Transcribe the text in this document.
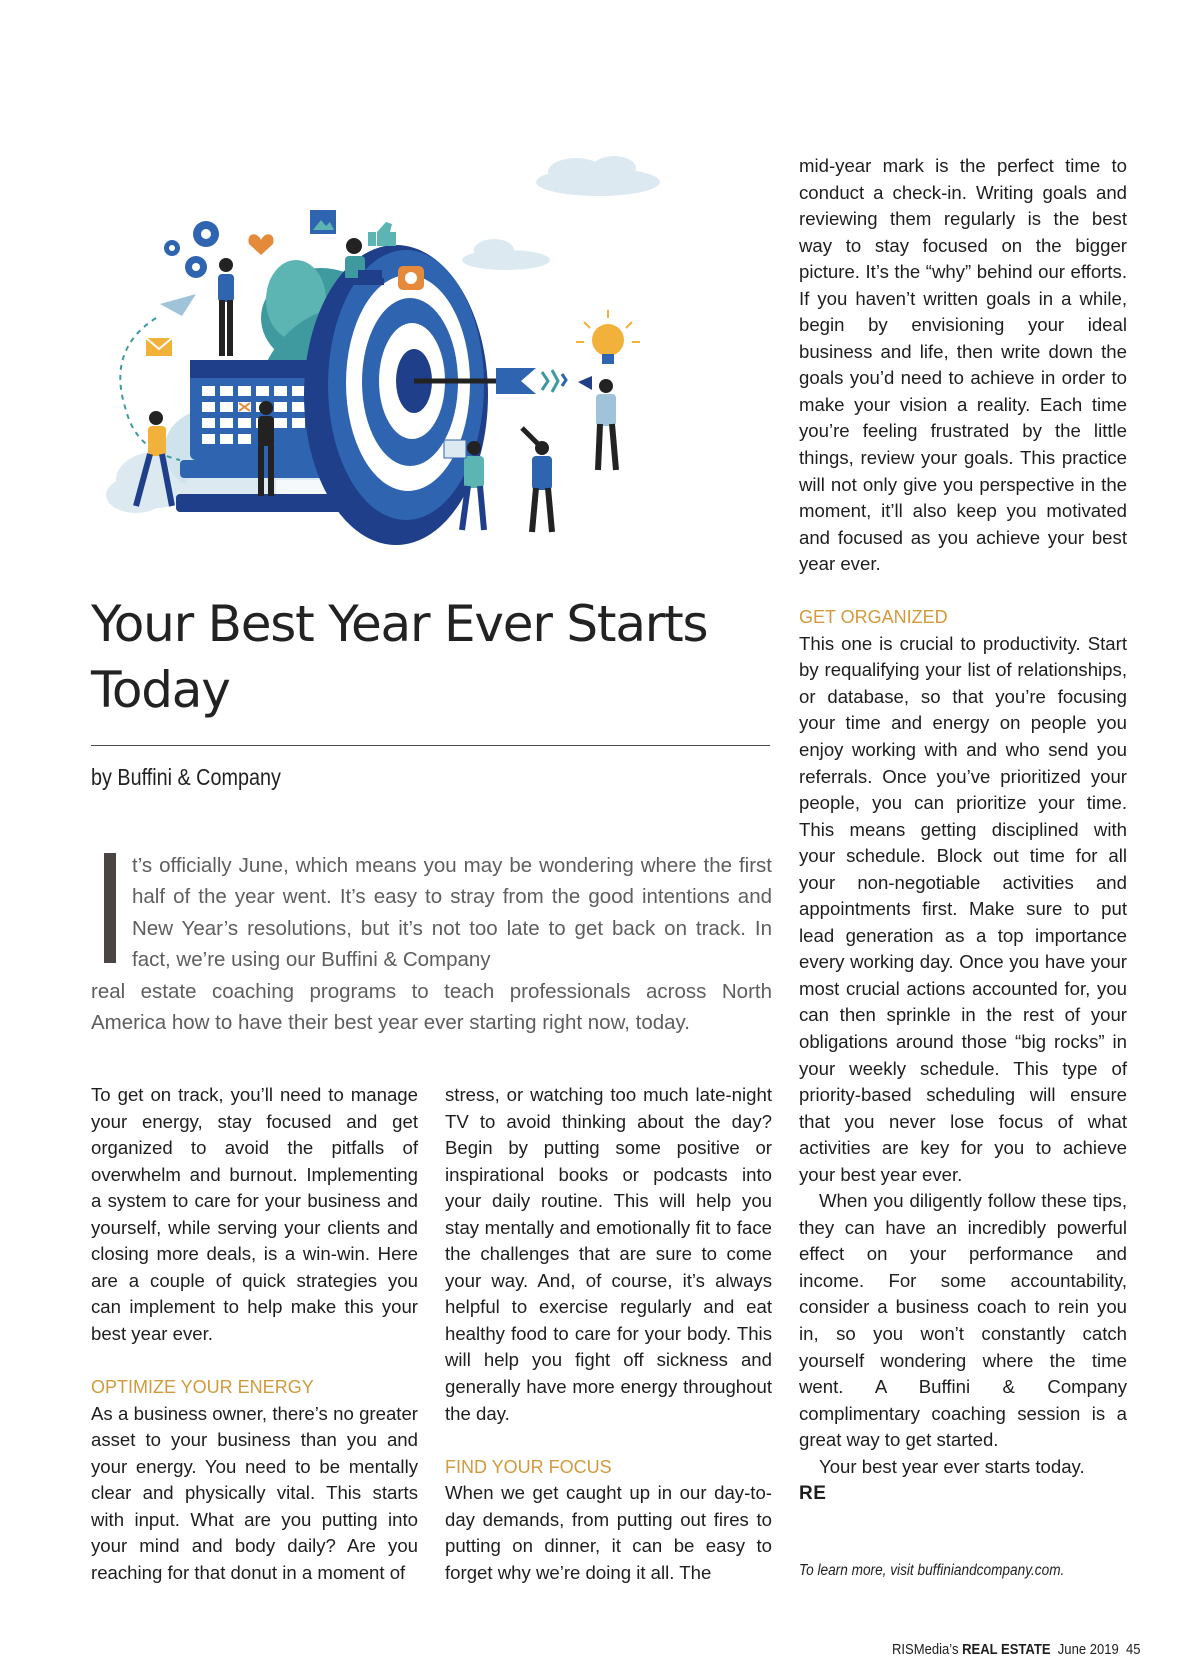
Your Best Year Ever Starts
Today
by Buffini & Company

t’s officially June, which means you may be wondering where the first half of the year went. It’s easy to stray from the good intentions and New Year’s resolutions, but it’s not too late to get back on track. In fact, we’re using our Buffini & Company

real estate coaching programs to teach professionals across North America how to have their best year ever starting right now, today.

To get on track, you’ll need to manage your energy, stay focused and get organized to avoid the pitfalls of overwhelm and burnout. Implementing a system to care for your business and yourself, while serving your clients and closing more deals, is a win-win. Here are a couple of quick strategies you can implement to help make this your best year ever.

OPTIMIZE YOUR ENERGY

As a business owner, there’s no greater asset to your business than you and your energy. You need to be mentally clear and physically vital. This starts with input. What are you putting into your mind and body daily? Are you reaching for that donut in a moment of

stress, or watching too much late-night TV to avoid thinking about the day? Begin by putting some positive or inspirational books or podcasts into your daily routine. This will help you stay mentally and emotionally fit to face the challenges that are sure to come your way. And, of course, it’s always helpful to exercise regularly and eat healthy food to care for your body. This will help you fight off sickness and generally have more energy throughout the day.

FIND YOUR FOCUS

When we get caught up in our day-to-day demands, from putting out fires to putting on dinner, it can be easy to forget why we’re doing it all. The

mid-year mark is the perfect time to conduct a check-in. Writing goals and reviewing them regularly is the best way to stay focused on the bigger picture. It’s the “why” behind our efforts. If you haven’t written goals in a while, begin by envisioning your ideal business and life, then write down the goals you’d need to achieve in order to make your vision a reality. Each time you’re feeling frustrated by the little things, review your goals. This practice will not only give you perspective in the moment, it’ll also keep you motivated and focused as you achieve your best year ever.

GET ORGANIZED

This one is crucial to productivity. Start by requalifying your list of relationships, or database, so that you’re focusing your time and energy on people you enjoy working with and who send you referrals. Once you’ve prioritized your people, you can prioritize your time. This means getting disciplined with your schedule. Block out time for all your non-negotiable activities and appointments first. Make sure to put lead generation as a top importance every working day. Once you have your most crucial actions accounted for, you can then sprinkle in the rest of your obligations around those “big rocks” in your weekly schedule. This type of priority-based scheduling will ensure that you never lose focus of what activities are key for you to achieve your best year ever.

When you diligently follow these tips, they can have an incredibly powerful effect on your performance and income. For some accountability, consider a business coach to rein you in, so you won’t constantly catch yourself wondering where the time went. A Buffini & Company complimentary coaching session is a great way to get started.

Your best year ever starts today.
RE

To learn more, visit buffiniandcompany.com.
RISMedia’s REAL ESTATE June 2019 45
